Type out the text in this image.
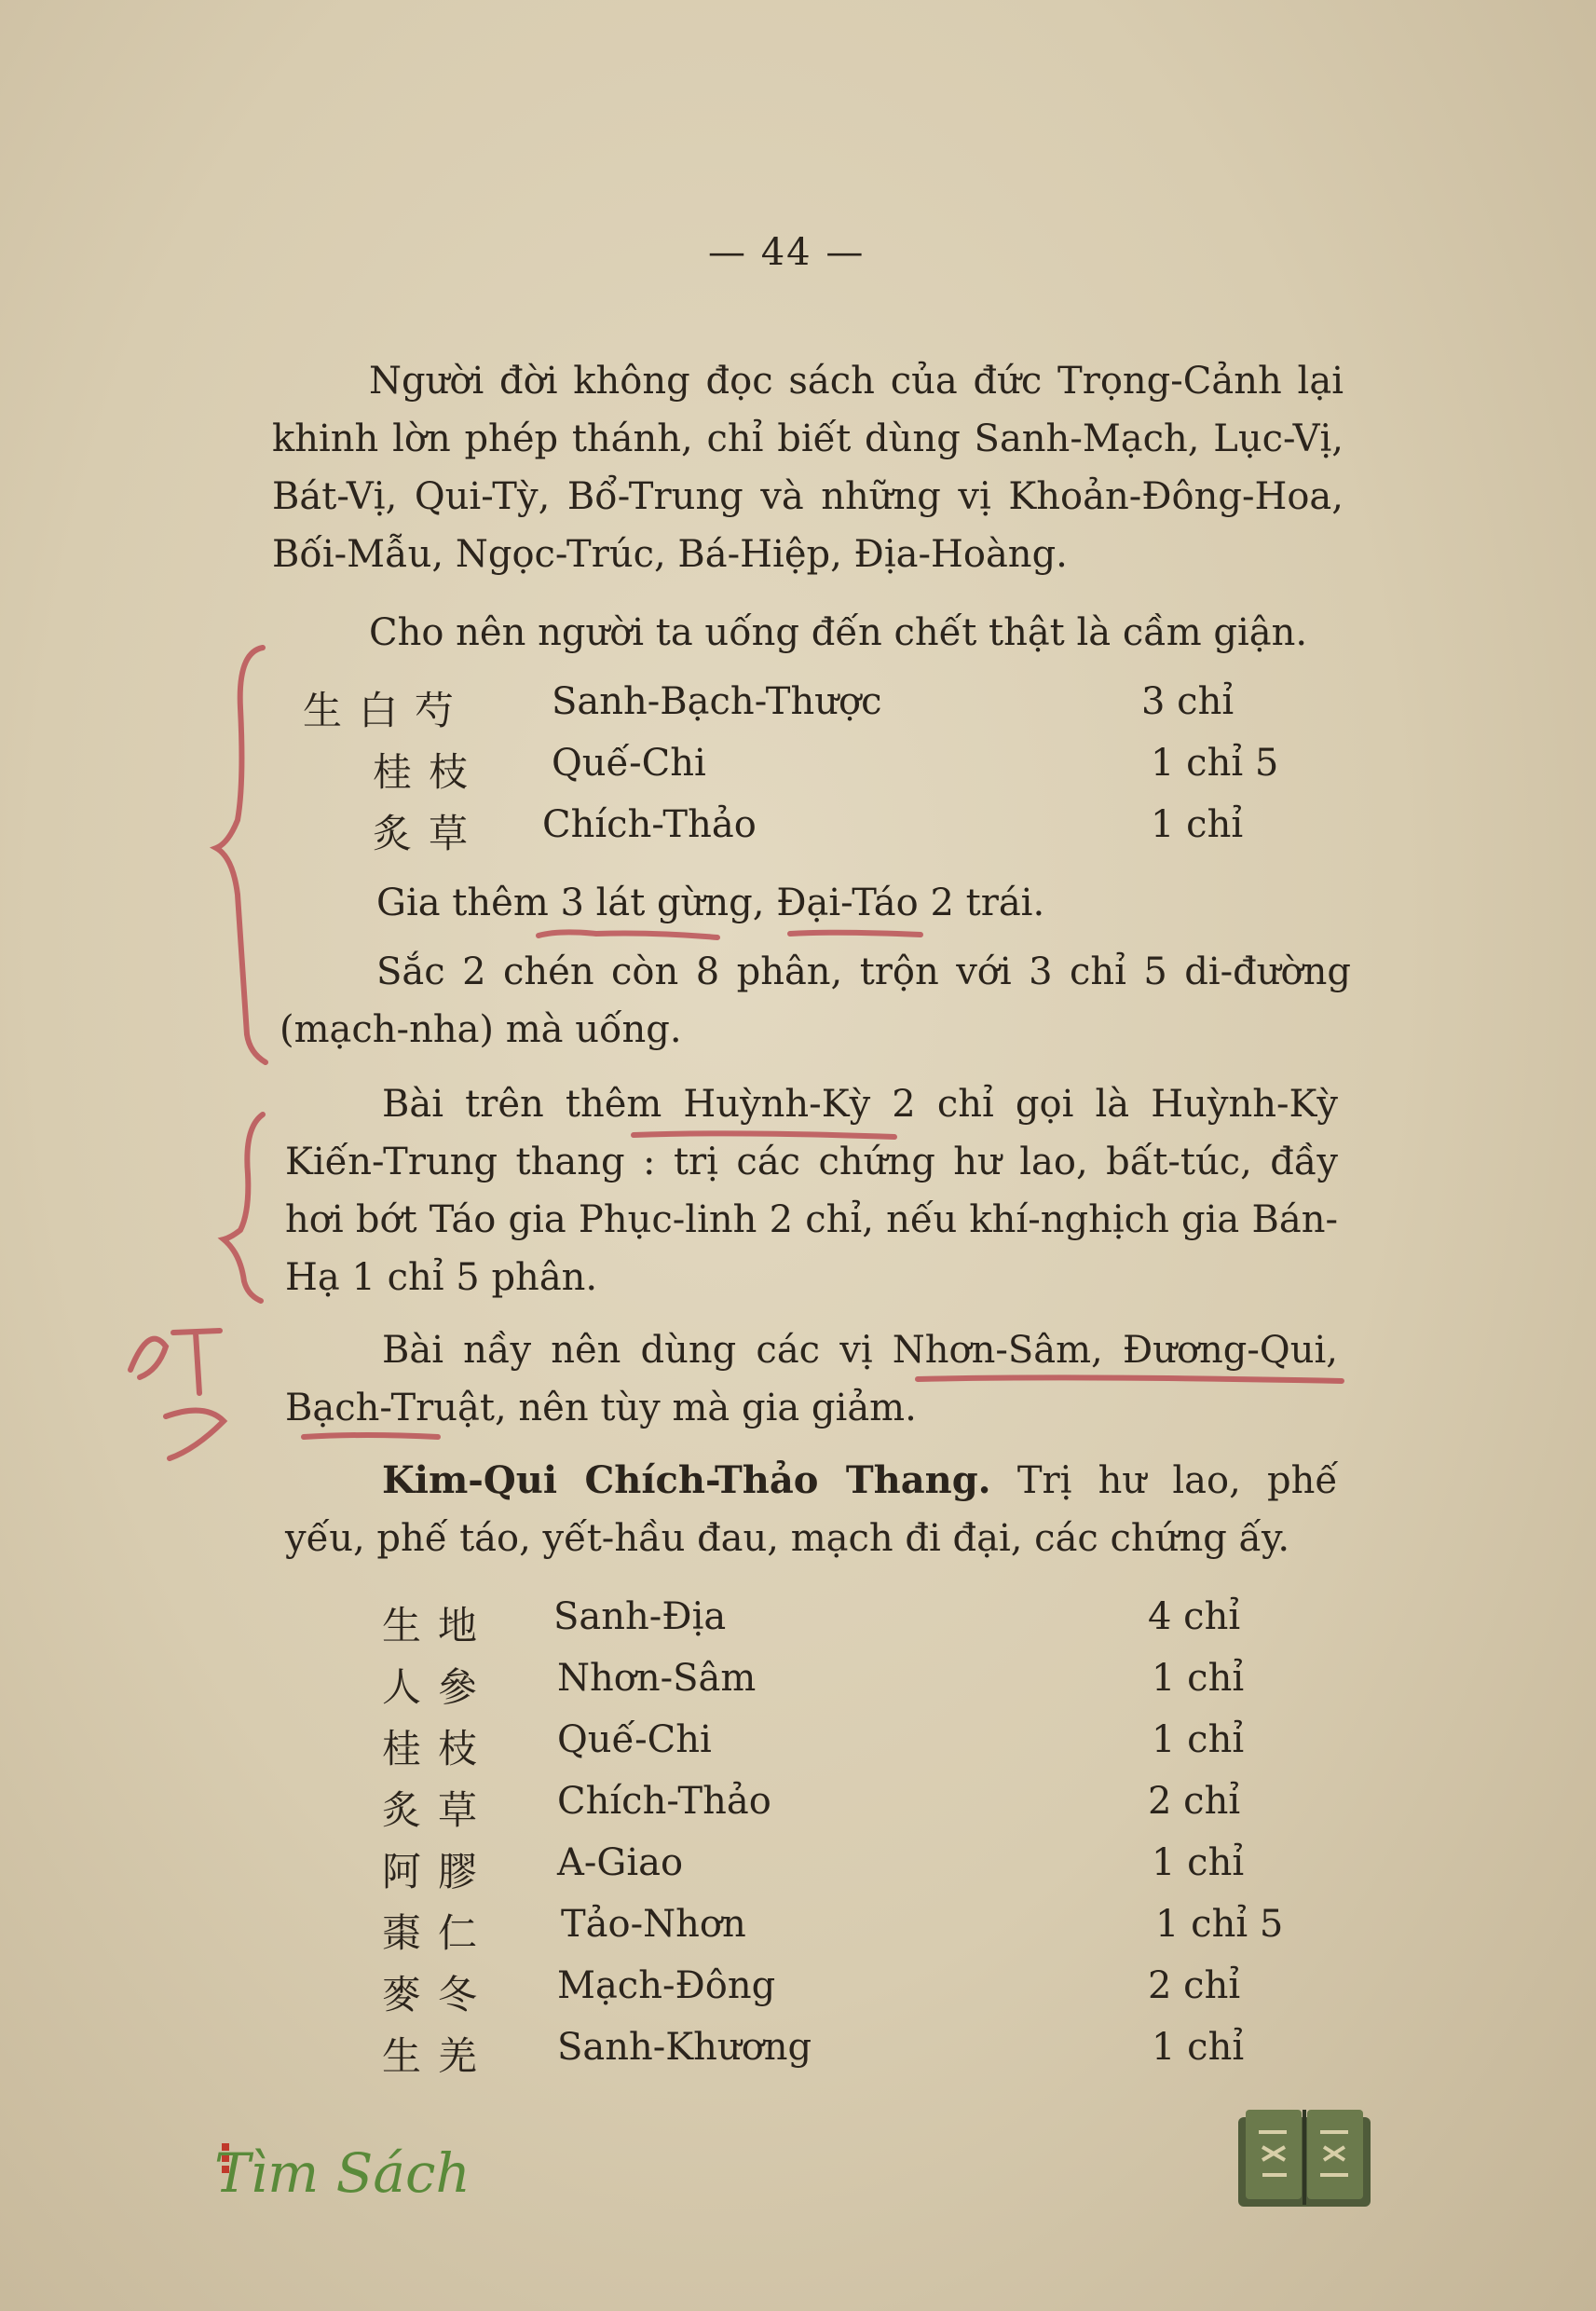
— 44 —

Người đời không đọc sách của đức Trọng-Cảnh lại khinh lờn phép thánh, chỉ biết dùng Sanh-Mạch, Lục-Vị, Bát-Vị, Qui-Tỳ, Bổ-Trung và những vị Khoản-Đông-Hoa, Bối-Mẫu, Ngọc-Trúc, Bá-Hiệp, Địa-Hoàng.

Cho nên người ta uống đến chết thật là cầm giận.

生白芍 Sanh-Bạch-Thược	3 chỉ
桂枝 Quế-Chi	1 chỉ 5
炙草 Chích-Thảo	1 chỉ

Gia thêm 3 lát gừng, Đại-Táo 2 trái.

Sắc 2 chén còn 8 phân, trộn với 3 chỉ 5 di-đường (mạch-nha) mà uống.

Bài trên thêm Huỳnh-Kỳ 2 chỉ gọi là Huỳnh-Kỳ Kiến-Trung thang : trị các chứng hư lao, bất-túc, đầy hơi bớt Táo gia Phục-linh 2 chỉ, nếu khí-nghịch gia Bán-Hạ 1 chỉ 5 phân.

Bài nầy nên dùng các vị Nhơn-Sâm, Đương-Qui, Bạch-Truật, nên tùy mà gia giảm.

Kim-Qui Chích-Thảo Thang. Trị hư lao, phế yếu, phế táo, yết-hầu đau, mạch đi đại, các chứng ấy.

生地 Sanh-Địa	4 chỉ
人參 Nhơn-Sâm	1 chỉ
桂枝 Quế-Chi	1 chỉ
炙草 Chích-Thảo	2 chỉ
阿膠 A-Giao	1 chỉ
棗仁 Tảo-Nhơn	1 chỉ 5
麥冬 Mạch-Đông	2 chỉ
生羌 Sanh-Khương	1 chỉ
Tìm Sách
